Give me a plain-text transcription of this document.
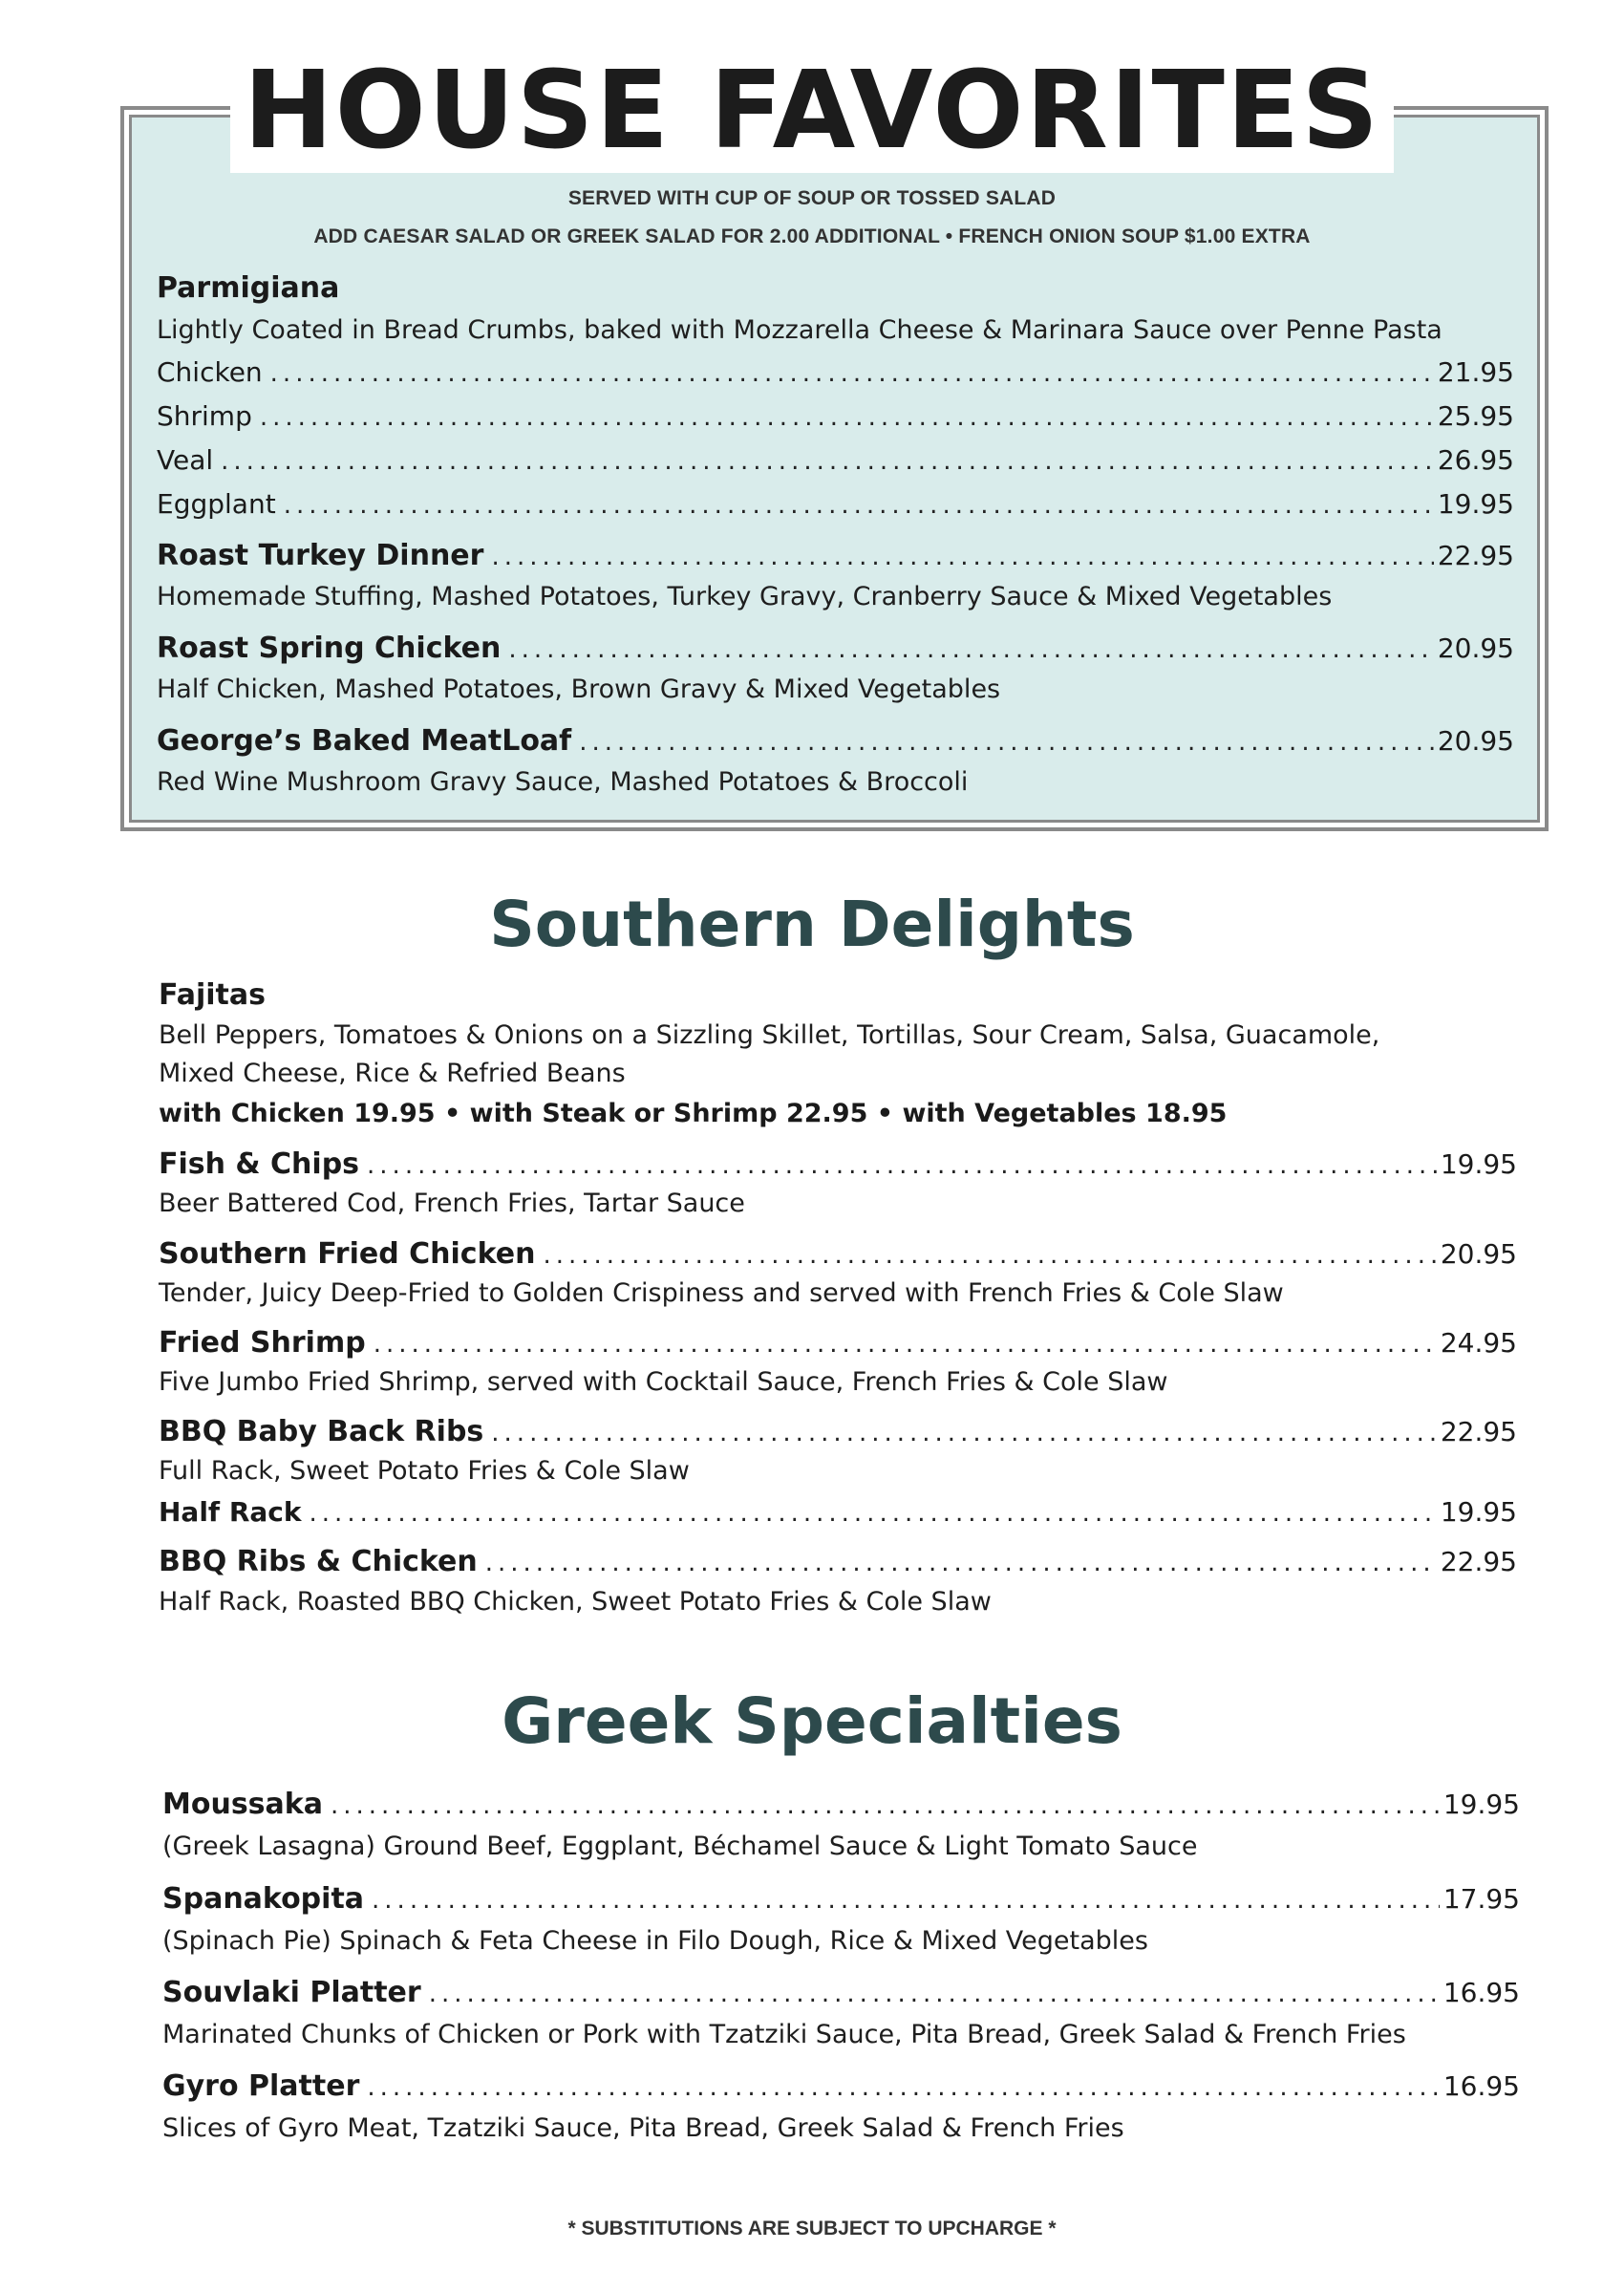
HOUSE FAVORITES
SERVED WITH CUP OF SOUP OR TOSSED SALAD
ADD CAESAR SALAD OR GREEK SALAD FOR 2.00 ADDITIONAL • FRENCH ONION SOUP $1.00 EXTRA
Parmigiana
Lightly Coated in Bread Crumbs, baked with Mozzarella Cheese & Marinara Sauce over Penne Pasta
Chicken .....	21.95
Shrimp .....	25.95
Veal .....	26.95
Eggplant .....	19.95
Roast Turkey Dinner .....	22.95
Homemade Stuffing, Mashed Potatoes, Turkey Gravy, Cranberry Sauce & Mixed Vegetables
Roast Spring Chicken .....	20.95
Half Chicken, Mashed Potatoes, Brown Gravy & Mixed Vegetables
George’s Baked MeatLoaf .....	20.95
Red Wine Mushroom Gravy Sauce, Mashed Potatoes & Broccoli
Southern Delights
Fajitas
Bell Peppers, Tomatoes & Onions on a Sizzling Skillet, Tortillas, Sour Cream, Salsa, Guacamole,
Mixed Cheese, Rice & Refried Beans
with Chicken 19.95 • with Steak or Shrimp 22.95 • with Vegetables 18.95
Fish & Chips .....	19.95
Beer Battered Cod, French Fries, Tartar Sauce
Southern Fried Chicken .....	20.95
Tender, Juicy Deep-Fried to Golden Crispiness and served with French Fries & Cole Slaw
Fried Shrimp .....	24.95
Five Jumbo Fried Shrimp, served with Cocktail Sauce, French Fries & Cole Slaw
BBQ Baby Back Ribs .....	22.95
Full Rack, Sweet Potato Fries & Cole Slaw
Half Rack .....	19.95
BBQ Ribs & Chicken .....	22.95
Half Rack, Roasted BBQ Chicken, Sweet Potato Fries & Cole Slaw
Greek Specialties
Moussaka .....	19.95
(Greek Lasagna) Ground Beef, Eggplant, Béchamel Sauce & Light Tomato Sauce
Spanakopita .....	17.95
(Spinach Pie) Spinach & Feta Cheese in Filo Dough, Rice & Mixed Vegetables
Souvlaki Platter .....	16.95
Marinated Chunks of Chicken or Pork with Tzatziki Sauce, Pita Bread, Greek Salad & French Fries
Gyro Platter .....	16.95
Slices of Gyro Meat, Tzatziki Sauce, Pita Bread, Greek Salad & French Fries
* SUBSTITUTIONS ARE SUBJECT TO UPCHARGE *
